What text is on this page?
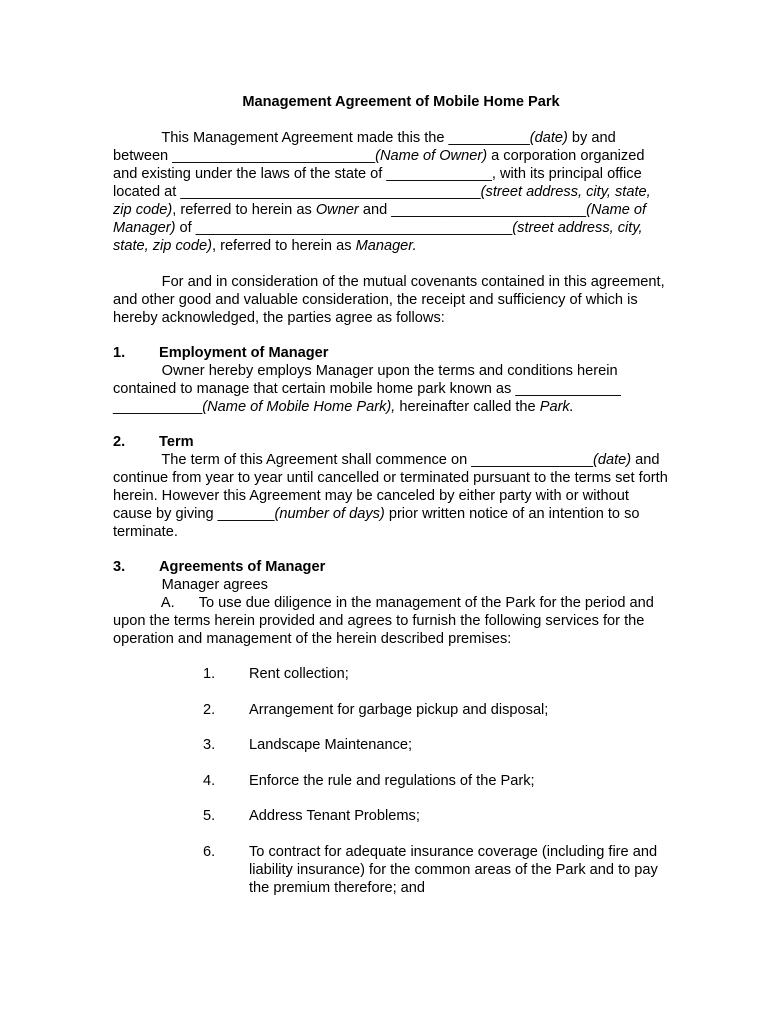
Management Agreement of Mobile Home Park
This Management Agreement made this the __________(date) by and
between _________________________(Name of Owner) a corporation organized
and existing under the laws of the state of _____________, with its principal office
located at _____________________________________(street address, city, state,
zip code), referred to herein as Owner and ________________________(Name of
Manager) of _______________________________________(street address, city,
state, zip code), referred to herein as Manager.
For and in consideration of the mutual covenants contained in this agreement,
and other good and valuable consideration, the receipt and sufficiency of which is
hereby acknowledged, the parties agree as follows:
1. Employment of Manager
Owner hereby employs Manager upon the terms and conditions herein
contained to manage that certain mobile home park known as _____________
___________(Name of Mobile Home Park), hereinafter called the Park.
2. Term
The term of this Agreement shall commence on _______________(date) and
continue from year to year until cancelled or terminated pursuant to the terms set forth
herein. However this Agreement may be canceled by either party with or without
cause by giving _______(number of days) prior written notice of an intention to so
terminate.
3. Agreements of Manager
Manager agrees
A.      To use due diligence in the management of the Park for the period and
upon the terms herein provided and agrees to furnish the following services for the
operation and management of the herein described premises:
1. Rent collection;
2. Arrangement for garbage pickup and disposal;
3. Landscape Maintenance;
4. Enforce the rule and regulations of the Park;
5. Address Tenant Problems;
6. To contract for adequate insurance coverage (including fire and
liability insurance) for the common areas of the Park and to pay
the premium therefore; and
